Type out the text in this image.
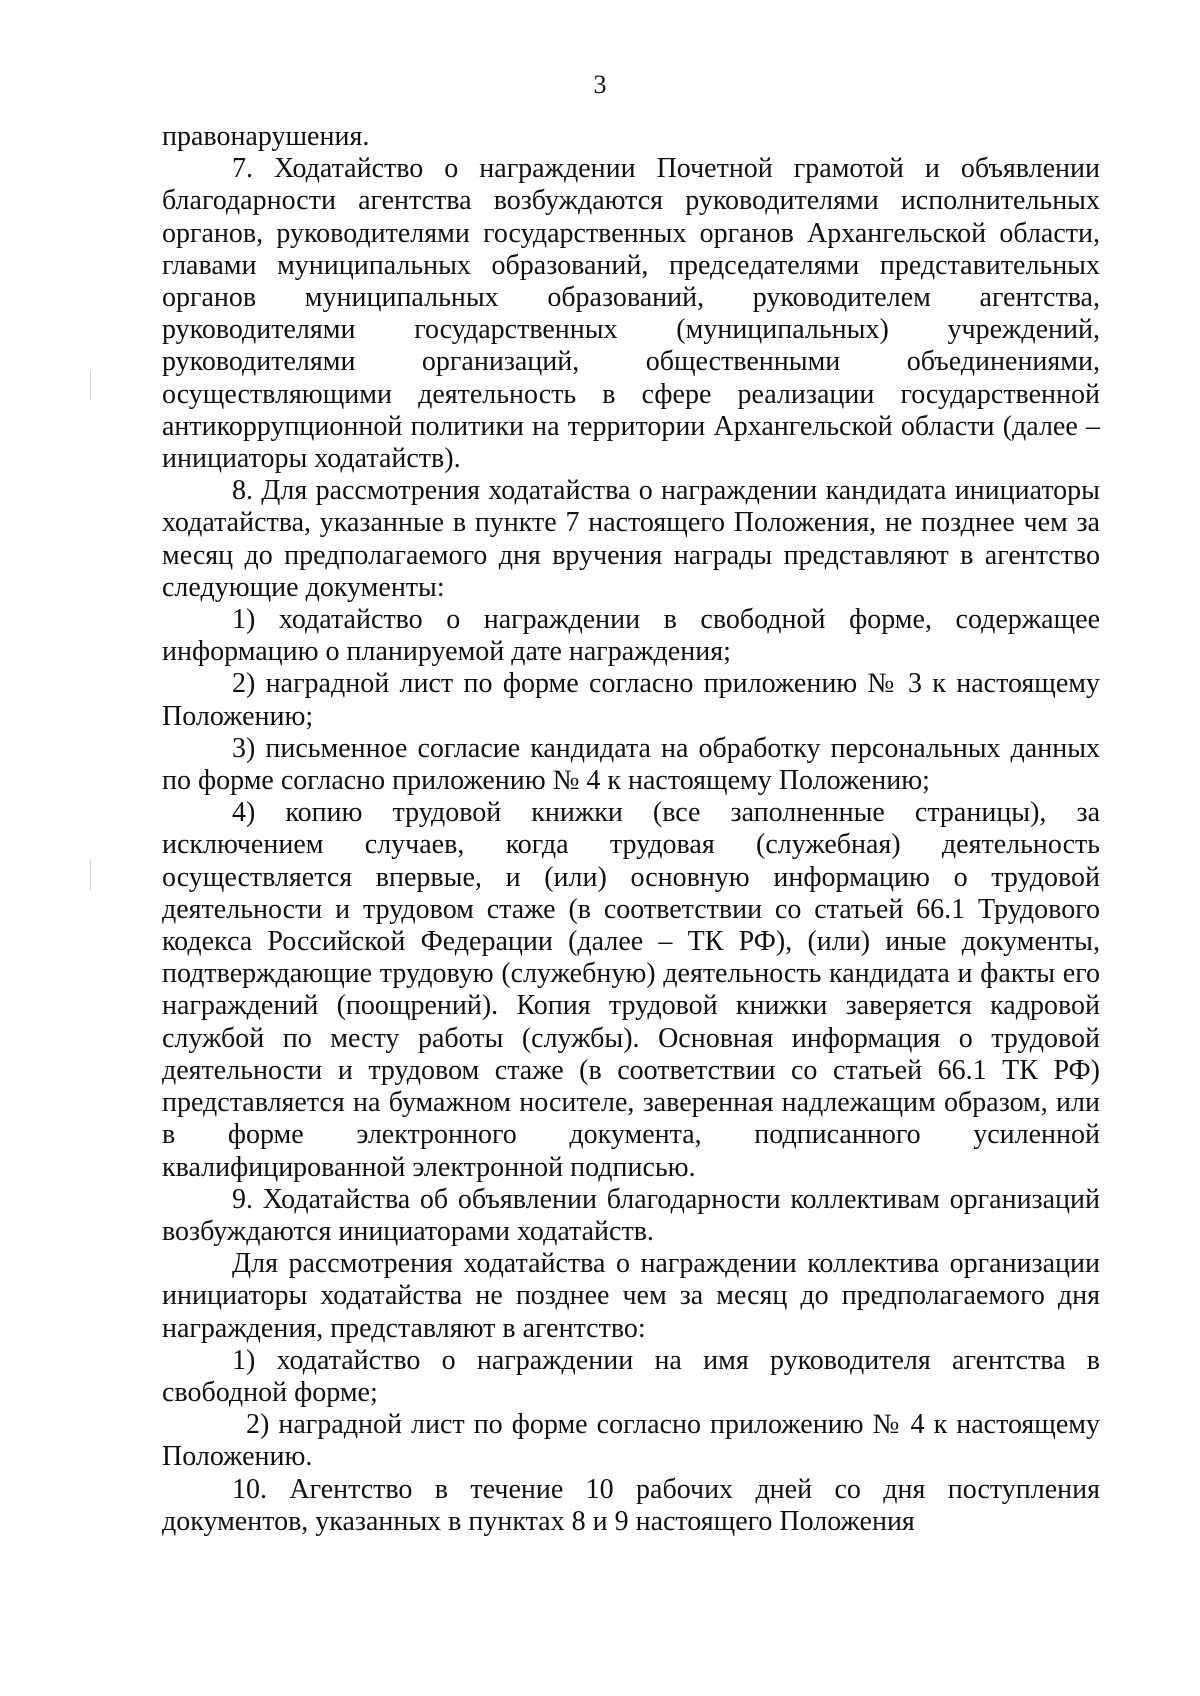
3

правонарушения.

7. Ходатайство о награждении Почетной грамотой и объявлении благодарности агентства возбуждаются руководителями исполнительных органов, руководителями государственных органов Архангельской области, главами муниципальных образований, председателями представительных органов муниципальных образований, руководителем агентства, руководителями государственных (муниципальных) учреждений, руководителями организаций, общественными объединениями, осуществляющими деятельность в сфере реализации государственной антикоррупционной политики на территории Архангельской области (далее – инициаторы ходатайств).

8. Для рассмотрения ходатайства о награждении кандидата инициаторы ходатайства, указанные в пункте 7 настоящего Положения, не позднее чем за месяц до предполагаемого дня вручения награды представляют в агентство следующие документы:

1) ходатайство о награждении в свободной форме, содержащее информацию о планируемой дате награждения;

2) наградной лист по форме согласно приложению № 3 к настоящему Положению;

3) письменное согласие кандидата на обработку персональных данных по форме согласно приложению № 4 к настоящему Положению;

4) копию трудовой книжки (все заполненные страницы), за исключением случаев, когда трудовая (служебная) деятельность осуществляется впервые, и (или) основную информацию о трудовой деятельности и трудовом стаже (в соответствии со статьей 66.1 Трудового кодекса Российской Федерации (далее – ТК РФ), (или) иные документы, подтверждающие трудовую (служебную) деятельность кандидата и факты его награждений (поощрений). Копия трудовой книжки заверяется кадровой службой по месту работы (службы). Основная информация о трудовой деятельности и трудовом стаже (в соответствии со статьей 66.1 ТК РФ) представляется на бумажном носителе, заверенная надлежащим образом, или в форме электронного документа, подписанного усиленной квалифицированной электронной подписью.

9. Ходатайства об объявлении благодарности коллективам организаций возбуждаются инициаторами ходатайств.

Для рассмотрения ходатайства о награждении коллектива организации инициаторы ходатайства не позднее чем за месяц до предполагаемого дня награждения, представляют в агентство:

1) ходатайство о награждении на имя руководителя агентства в свободной форме;

2) наградной лист по форме согласно приложению № 4 к настоящему Положению.

10. Агентство в течение 10 рабочих дней со дня поступления документов, указанных в пунктах 8 и 9 настоящего Положения
